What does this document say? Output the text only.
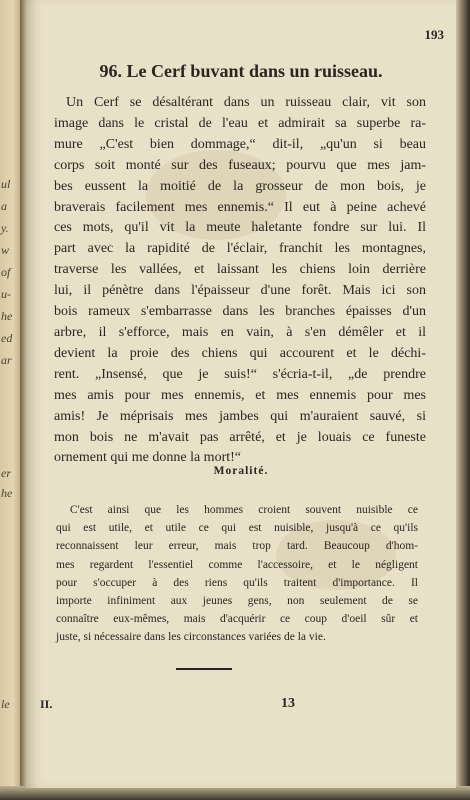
ul
a
y.
w
of
u-
he
ed
ar
er
he
le
193
96. Le Cerf buvant dans un ruisseau.
Un Cerf se désaltérant dans un ruisseau clair, vit son
image dans le cristal de l'eau et admirait sa superbe ra-
mure „C'est bien dommage,“ dit-il, „qu'un si beau
corps soit monté sur des fuseaux; pourvu que mes jam-
bes eussent la moitié de la grosseur de mon bois, je
braverais facilement mes ennemis.“ Il eut à peine achevé
ces mots, qu'il vit la meute haletante fondre sur lui. Il
part avec la rapidité de l'éclair, franchit les montagnes,
traverse les vallées, et laissant les chiens loin derrière
lui, il pénètre dans l'épaisseur d'une forêt. Mais ici son
bois rameux s'embarrasse dans les branches épaisses d'un
arbre, il s'efforce, mais en vain, à s'en démêler et il
devient la proie des chiens qui accourent et le déchi-
rent. „Insensé, que je suis!“ s'écria-t-il, „de prendre
mes amis pour mes ennemis, et mes ennemis pour mes
amis! Je méprisais mes jambes qui m'auraient sauvé, si
mon bois ne m'avait pas arrêté, et je louais ce funeste
ornement qui me donne la mort!“
Moralité.
C'est ainsi que les hommes croient souvent nuisible ce
qui est utile, et utile ce qui est nuisible, jusqu'à ce qu'ils
reconnaissent leur erreur, mais trop tard. Beaucoup d'hom-
mes regardent l'essentiel comme l'accessoire, et le négligent
pour s'occuper à des riens qu'ils traitent d'importance. Il
importe infiniment aux jeunes gens, non seulement de se
connaître eux-mêmes, mais d'acquérir ce coup d'oeil sûr et
juste, si nécessaire dans les circonstances variées de la vie.
II.	13
